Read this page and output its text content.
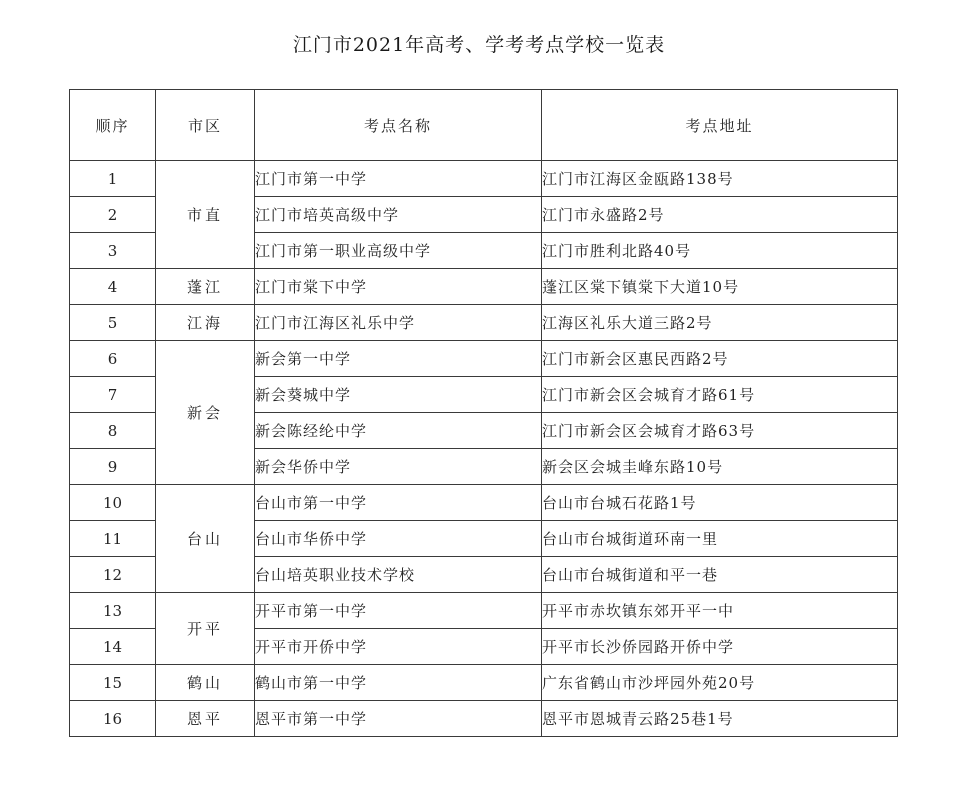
江门市2021年高考、学考考点学校一览表
顺序	市区	考点名称	考点地址
1	市直	江门市第一中学	江门市江海区金瓯路138号
2		江门市培英高级中学	江门市永盛路2号
3		江门市第一职业高级中学	江门市胜利北路40号
4	蓬江	江门市棠下中学	蓬江区棠下镇棠下大道10号
5	江海	江门市江海区礼乐中学	江海区礼乐大道三路2号
6	新会	新会第一中学	江门市新会区惠民西路2号
7		新会葵城中学	江门市新会区会城育才路61号
8		新会陈经纶中学	江门市新会区会城育才路63号
9		新会华侨中学	新会区会城圭峰东路10号
10	台山	台山市第一中学	台山市台城石花路1号
11		台山市华侨中学	台山市台城街道环南一里
12		台山培英职业技术学校	台山市台城街道和平一巷
13	开平	开平市第一中学	开平市赤坎镇东郊开平一中
14		开平市开侨中学	开平市长沙侨园路开侨中学
15	鹤山	鹤山市第一中学	广东省鹤山市沙坪园外苑20号
16	恩平	恩平市第一中学	恩平市恩城青云路25巷1号
